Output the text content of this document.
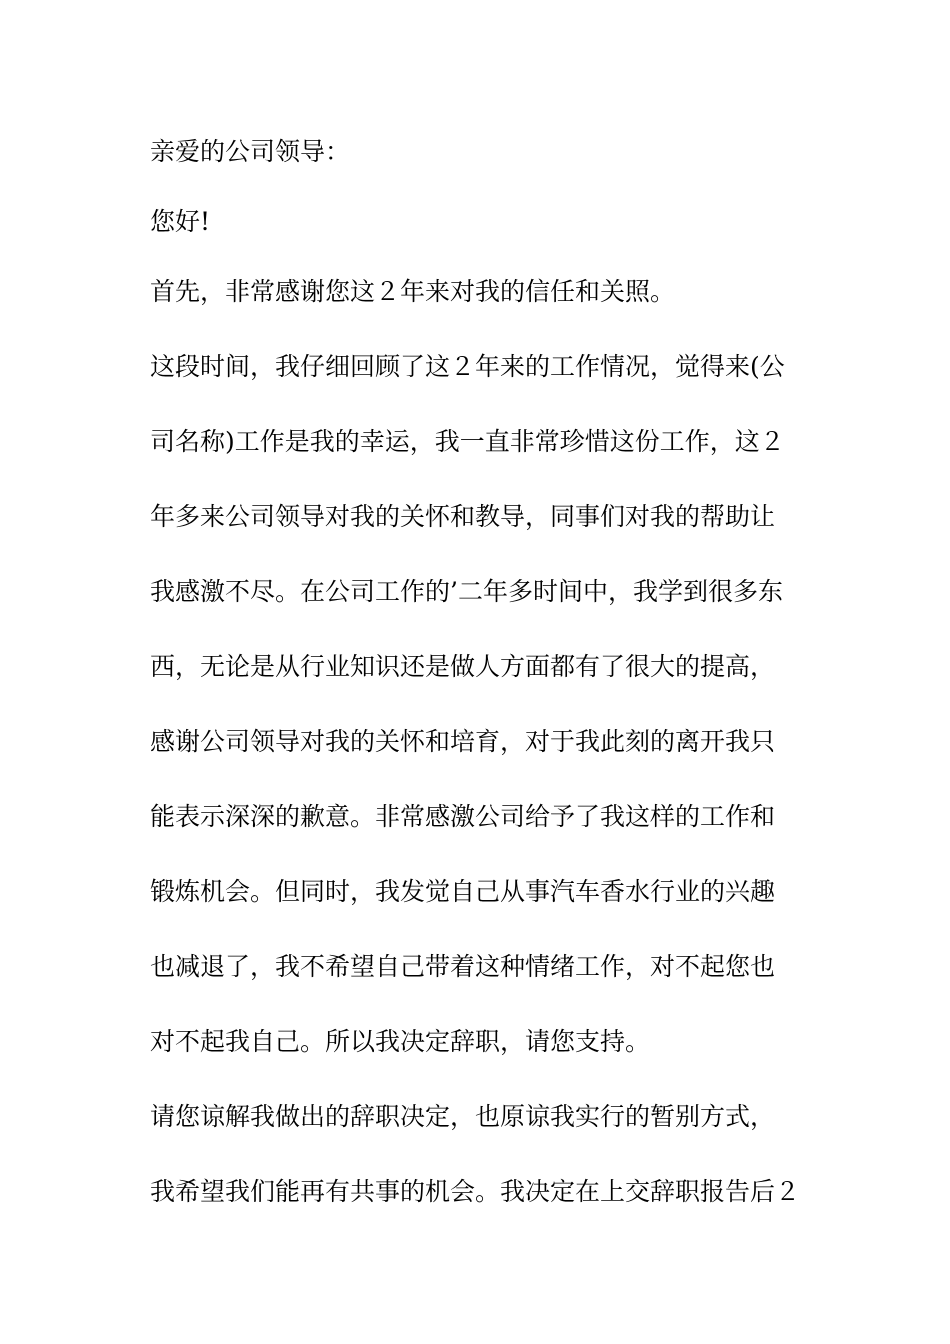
亲爱的公司领导：
您好!
首先，非常感谢您这２年来对我的信任和关照。
这段时间，我仔细回顾了这２年来的工作情况，觉得来(公
司名称)工作是我的幸运，我一直非常珍惜这份工作，这２
年多来公司领导对我的关怀和教导，同事们对我的帮助让
我感激不尽。在公司工作的’二年多时间中，我学到很多东
西，无论是从行业知识还是做人方面都有了很大的提高，
感谢公司领导对我的关怀和培育，对于我此刻的离开我只
能表示深深的歉意。非常感激公司给予了我这样的工作和
锻炼机会。但同时，我发觉自己从事汽车香水行业的兴趣
也减退了，我不希望自己带着这种情绪工作，对不起您也
对不起我自己。所以我决定辞职，请您支持。
请您谅解我做出的辞职决定，也原谅我实行的暂别方式，
我希望我们能再有共事的机会。我决定在上交辞职报告后２
